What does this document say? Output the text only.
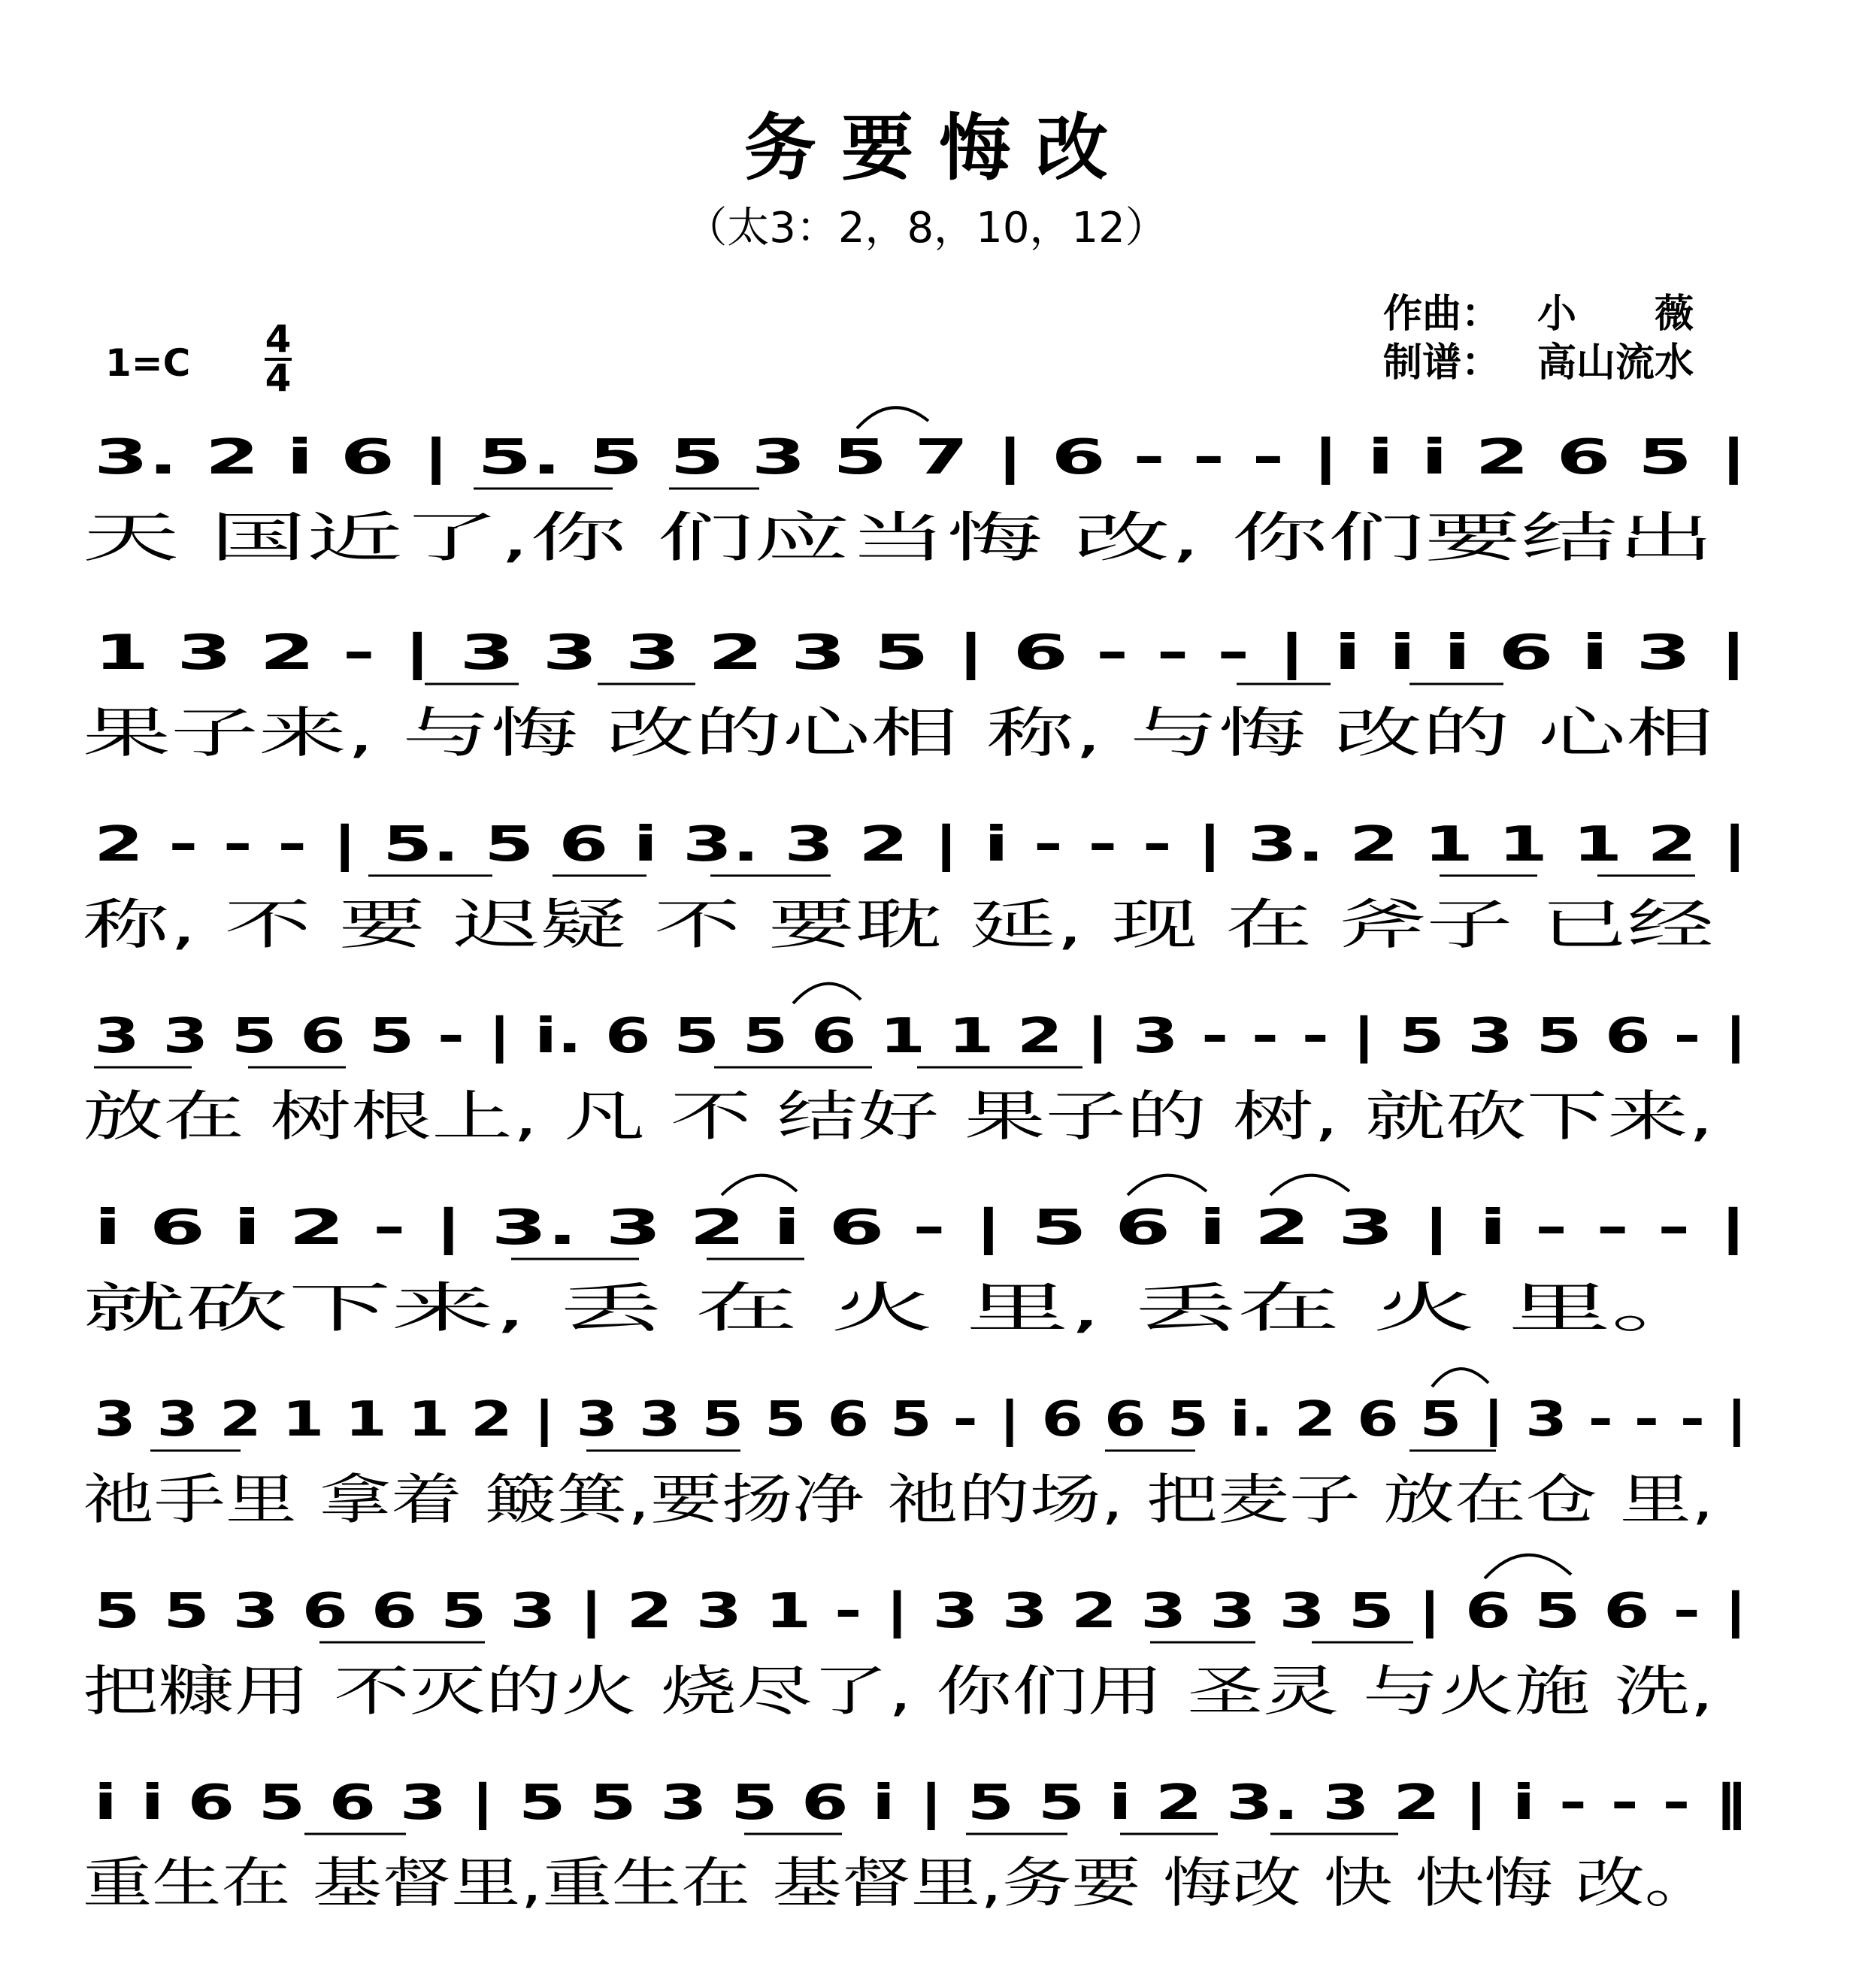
务 要 悔 改
（太3：2，8，10，12）
作曲： 小　　薇
制谱： 高山流水
1=C
4
4
3. 2 i 6 | 5. 5 5 3 5 7 | 6 - - - | i i 2 6 5 |
天 国近了,你 们应当悔 改, 你们要结出
1 3 2 - | 3 3 3 2 3 5 | 6 - - - | i i i 6 i 3 |
果子来, 与悔 改的心相 称, 与悔 改的 心相
2 - - - | 5. 5 6 i 3. 3 2 | i - - - | 3. 2 1 1 1 2 |
称, 不 要 迟疑 不 要耽 延, 现 在 斧子 已经
3 3 5 6 5 - | i. 6 5 5 6 1 1 2 | 3 - - - | 5 3 5 6 - |
放在 树根上, 凡 不 结好 果子的 树, 就砍下来,
i 6 i 2 - | 3. 3 2 i 6 - | 5 6 i 2 3 | i - - - |
就砍下来, 丢 在 火 里, 丢在 火 里。
3 3 2 1 1 1 2 | 3 3 5 5 6 5 - | 6 6 5 i. 2 6 5 | 3 - - - |
祂手里 拿着 簸箕,要扬净 祂的场, 把麦子 放在仓 里,
5 5 3 6 6 5 3 | 2 3 1 - | 3 3 2 3 3 3 5 | 6 5 6 - |
把糠用 不灭的火 烧尽了, 你们用 圣灵 与火施 洗,
i i 6 5 6 3 | 5 5 3 5 6 i | 5 5 i 2 3. 3 2 | i - - - ‖
重生在 基督里,重生在 基督里,务要 悔改 快 快悔 改。
